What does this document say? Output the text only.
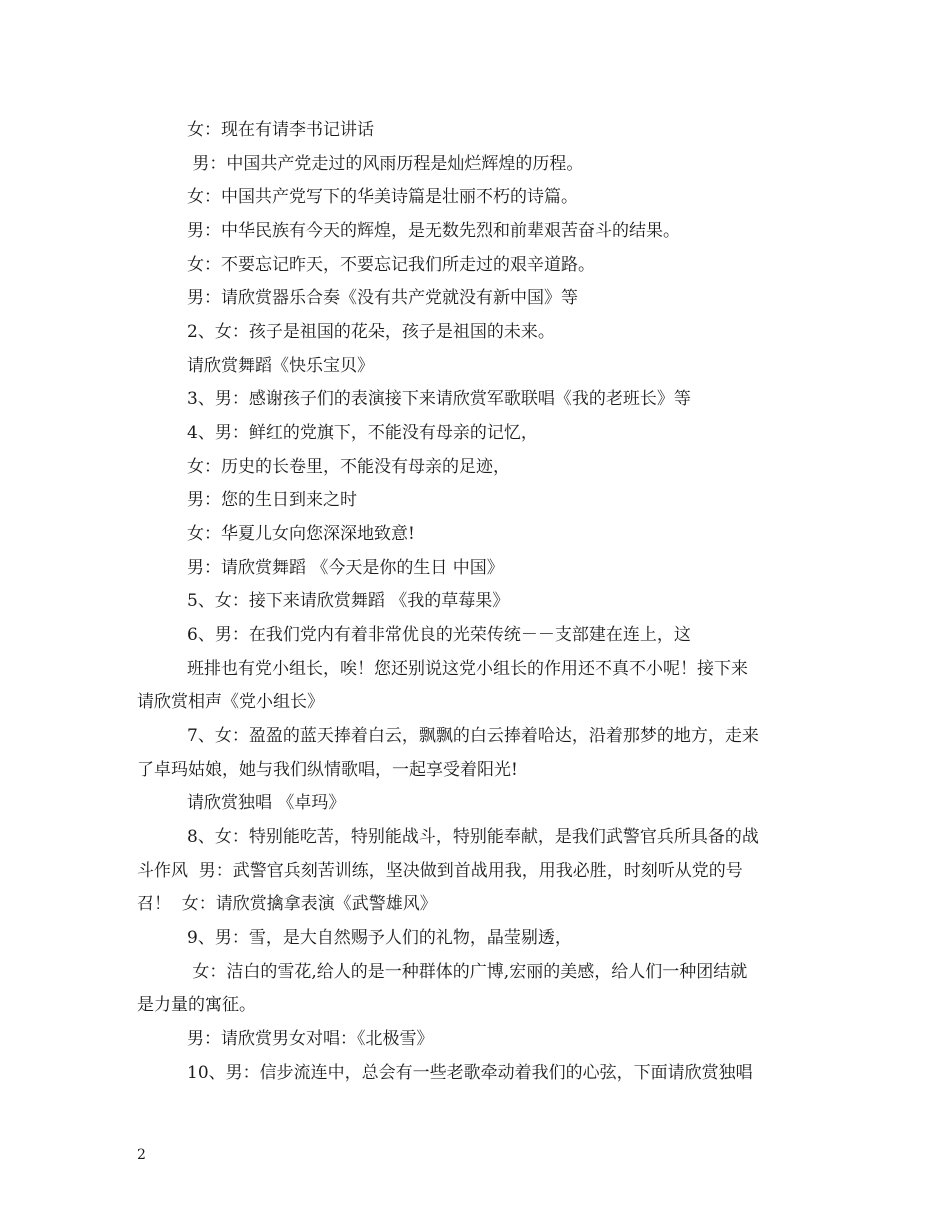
女：现在有请李书记讲话
男：中国共产党走过的风雨历程是灿烂辉煌的历程。
女：中国共产党写下的华美诗篇是壮丽不朽的诗篇。
男：中华民族有今天的辉煌，是无数先烈和前辈艰苦奋斗的结果。
女：不要忘记昨天，不要忘记我们所走过的艰辛道路。
男：请欣赏器乐合奏《没有共产党就没有新中国》等
2、女：孩子是祖国的花朵，孩子是祖国的未来。
请欣赏舞蹈《快乐宝贝》
3、男：感谢孩子们的表演接下来请欣赏军歌联唱《我的老班长》等
4、男：鲜红的党旗下，不能没有母亲的记忆，
女：历史的长卷里，不能没有母亲的足迹，
男：您的生日到来之时
女：华夏儿女向您深深地致意!
男：请欣赏舞蹈 《今天是你的生日 中国》
5、女：接下来请欣赏舞蹈 《我的草莓果》
6、男：在我们党内有着非常优良的光荣传统－－支部建在连上，这
班排也有党小组长，唉！您还别说这党小组长的作用还不真不小呢！接下来
请欣赏相声《党小组长》
7、女：盈盈的蓝天捧着白云，飘飘的白云捧着哈达，沿着那梦的地方，走来
了卓玛姑娘，她与我们纵情歌唱，一起享受着阳光!
请欣赏独唱 《卓玛》
8、女：特别能吃苦，特别能战斗，特别能奉献，是我们武警官兵所具备的战
斗作风  男：武警官兵刻苦训练，坚决做到首战用我，用我必胜，时刻听从党的号
召！  女：请欣赏擒拿表演《武警雄风》
9、男：雪，是大自然赐予人们的礼物，晶莹剔透，
女：洁白的雪花,给人的是一种群体的广博,宏丽的美感，给人们一种团结就
是力量的寓征。
男：请欣赏男女对唱：《北极雪》
10、男：信步流连中，总会有一些老歌牵动着我们的心弦，下面请欣赏独唱
2
